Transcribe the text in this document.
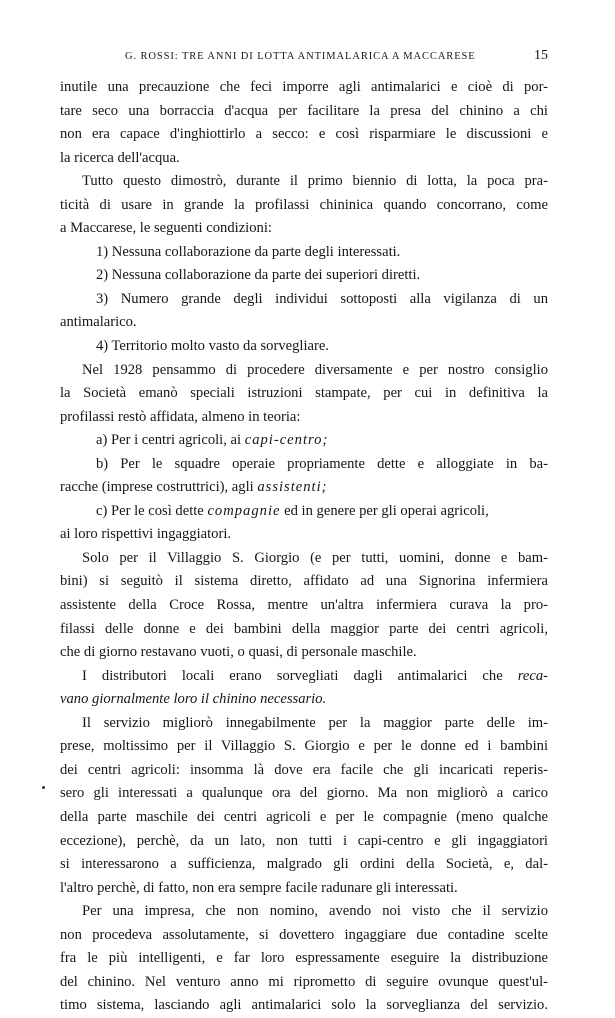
G. ROSSI: TRE ANNI DI LOTTA ANTIMALARICA A MACCARESE	15
inutile una precauzione che feci imporre agli antimalarici e cioè di por-
tare seco una borraccia d'acqua per facilitare la presa del chinino a chi
non era capace d'inghiottirlo a secco: e così risparmiare le discussioni e
la ricerca dell'acqua.
Tutto questo dimostrò, durante il primo biennio di lotta, la poca pra-
ticità di usare in grande la profilassi chininica quando concorrano, come
a Maccarese, le seguenti condizioni:
1) Nessuna collaborazione da parte degli interessati.
2) Nessuna collaborazione da parte dei superiori diretti.
3) Numero grande degli individui sottoposti alla vigilanza di un
antimalarico.
4) Territorio molto vasto da sorvegliare.
Nel 1928 pensammo di procedere diversamente e per nostro consiglio
la Società emanò speciali istruzioni stampate, per cui in definitiva la
profilassi restò affidata, almeno in teoria:
a) Per i centri agricoli, ai capi-centro;
b) Per le squadre operaie propriamente dette e alloggiate in ba-
racche (imprese costruttrici), agli assistenti;
c) Per le così dette compagnie ed in genere per gli operai agricoli,
ai loro rispettivi ingaggiatori.
Solo per il Villaggio S. Giorgio (e per tutti, uomini, donne e bam-
bini) si seguitò il sistema diretto, affidato ad una Signorina infermiera
assistente della Croce Rossa, mentre un'altra infermiera curava la pro-
filassi delle donne e dei bambini della maggior parte dei centri agricoli,
che di giorno restavano vuoti, o quasi, di personale maschile.
I distributori locali erano sorvegliati dagli antimalarici che reca-
vano giornalmente loro il chinino necessario.
Il servizio migliorò innegabilmente per la maggior parte delle im-
prese, moltissimo per il Villaggio S. Giorgio e per le donne ed i bambini
dei centri agricoli: insomma là dove era facile che gli incaricati reperis-
sero gli interessati a qualunque ora del giorno. Ma non migliorò a carico
della parte maschile dei centri agricoli e per le compagnie (meno qualche
eccezione), perchè, da un lato, non tutti i capi-centro e gli ingaggiatori
si interessarono a sufficienza, malgrado gli ordini della Società, e, dal-
l'altro perchè, di fatto, non era sempre facile radunare gli interessati.
Per una impresa, che non nomino, avendo noi visto che il servizio
non procedeva assolutamente, si dovettero ingaggiare due contadine scelte
fra le più intelligenti, e far loro espressamente eseguire la distribuzione
del chinino. Nel venturo anno mi riprometto di seguire ovunque quest'ul-
timo sistema, lasciando agli antimalarici solo la sorveglianza del servizio.
